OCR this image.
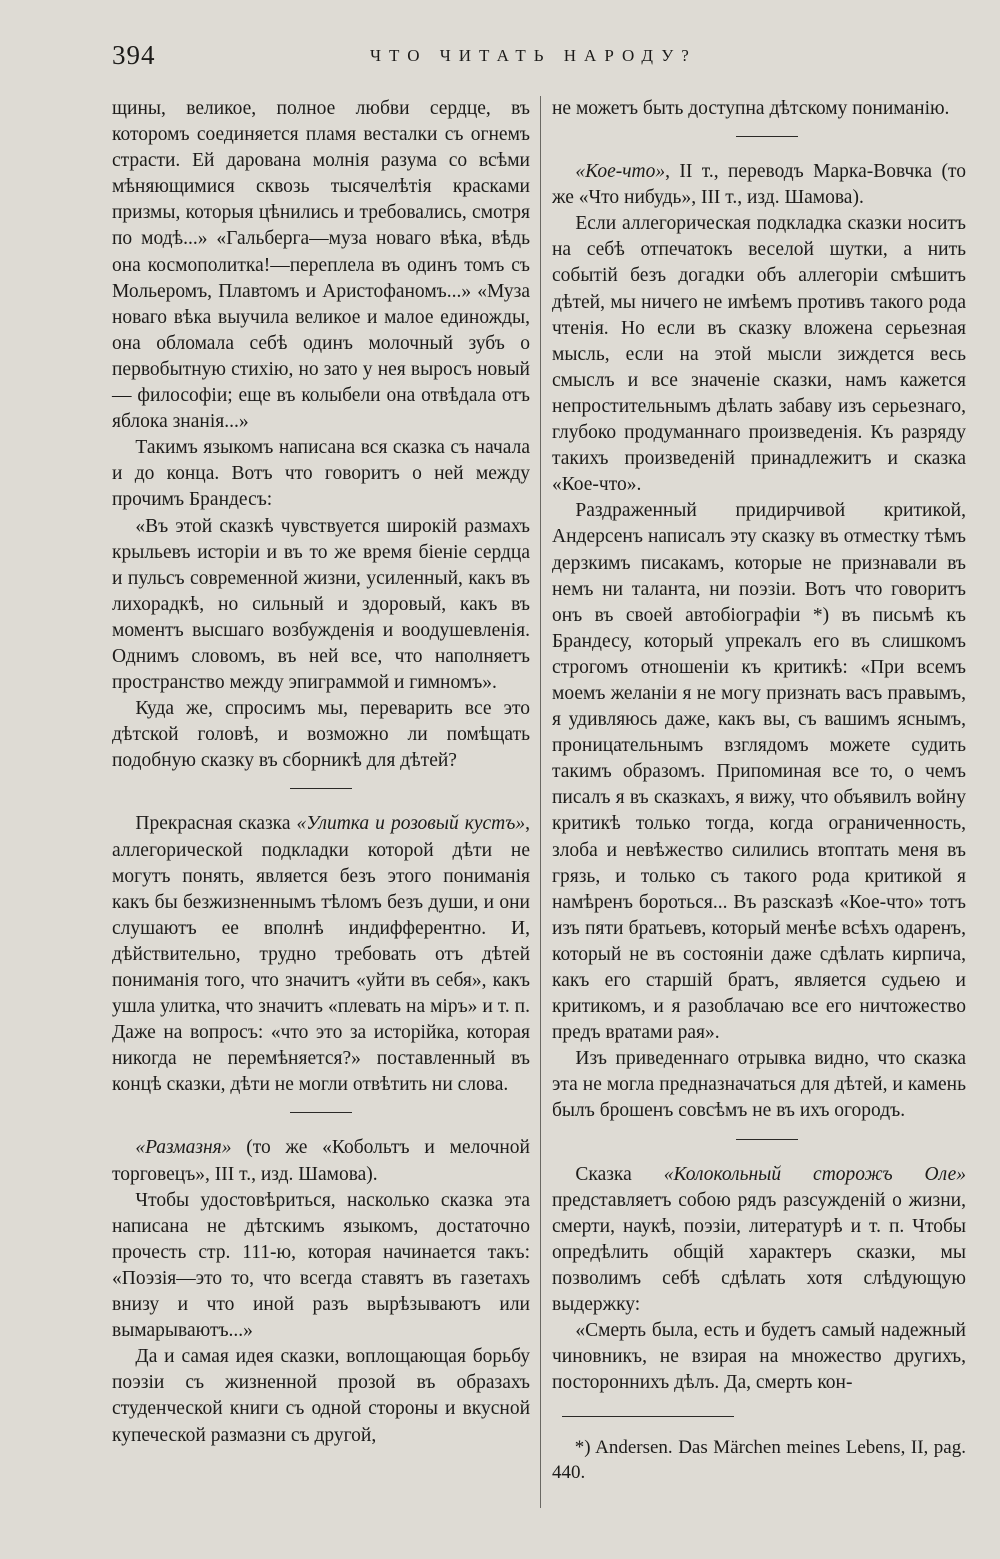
394	ЧТО ЧИТАТЬ НАРОДУ?

щины, великое, полное любви сердце, въ которомъ соединяется пламя весталки съ огнемъ страсти. Ей дарована молнія разума со всѣми мѣняющимися сквозь тысячелѣтія красками призмы, которыя цѣнились и требовались, смотря по модѣ...» «Гальберга—муза новаго вѣка, вѣдь она космополитка!—переплела въ одинъ томъ съ Мольеромъ, Плавтомъ и Аристофаномъ...» «Муза новаго вѣка выучила великое и малое единожды, она обломала себѣ одинъ молочный зубъ о первобытную стихію, но зато у нея выросъ новый — философіи; еще въ колыбели она отвѣдала отъ яблока знанія...»

Такимъ языкомъ написана вся сказка съ начала и до конца. Вотъ что говоритъ о ней между прочимъ Брандесъ:

«Въ этой сказкѣ чувствуется широкій размахъ крыльевъ исторіи и въ то же время біеніе сердца и пульсъ современной жизни, усиленный, какъ въ лихорадкѣ, но сильный и здоровый, какъ въ моментъ высшаго возбужденія и воодушевленія. Однимъ словомъ, въ ней все, что наполняетъ пространство между эпиграммой и гимномъ».

Куда же, спросимъ мы, переварить все это дѣтской головѣ, и возможно ли помѣщать подобную сказку въ сборникѣ для дѣтей?

Прекрасная сказка «Улитка и розовый кустъ», аллегорической подкладки которой дѣти не могутъ понять, является безъ этого пониманія какъ бы безжизненнымъ тѣломъ безъ души, и они слушаютъ ее вполнѣ индифферентно. И, дѣйствительно, трудно требовать отъ дѣтей пониманія того, что значитъ «уйти въ себя», какъ ушла улитка, что значитъ «плевать на міръ» и т. п. Даже на вопросъ: «что это за исторійка, которая никогда не перемѣняется?» поставленный въ концѣ сказки, дѣти не могли отвѣтить ни слова.

«Размазня» (то же «Кобольтъ и мелочной торговецъ», III т., изд. Шамова).

Чтобы удостовѣриться, насколько сказка эта написана не дѣтскимъ языкомъ, достаточно прочесть стр. 111-ю, которая начинается такъ: «Поэзія—это то, что всегда ставятъ въ газетахъ внизу и что иной разъ вырѣзываютъ или вымарываютъ...»

Да и самая идея сказки, воплощающая борьбу поэзіи съ жизненной прозой въ образахъ студенческой книги съ одной стороны и вкусной купеческой размазни съ другой,

не можетъ быть доступна дѣтскому пониманію.

«Кое-что», II т., переводъ Марка-Вовчка (то же «Что нибудь», III т., изд. Шамова).

Если аллегорическая подкладка сказки носитъ на себѣ отпечатокъ веселой шутки, а нить событій безъ догадки объ аллегоріи смѣшитъ дѣтей, мы ничего не имѣемъ противъ такого рода чтенія. Но если въ сказку вложена серьезная мысль, если на этой мысли зиждется весь смыслъ и все значеніе сказки, намъ кажется непростительнымъ дѣлать забаву изъ серьезнаго, глубоко продуманнаго произведенія. Къ разряду такихъ произведеній принадлежитъ и сказка «Кое-что».

Раздраженный придирчивой критикой, Андерсенъ написалъ эту сказку въ отместку тѣмъ дерзкимъ писакамъ, которые не признавали въ немъ ни таланта, ни поэзіи. Вотъ что говоритъ онъ въ своей автобіографіи *) въ письмѣ къ Брандесу, который упрекалъ его въ слишкомъ строгомъ отношеніи къ критикѣ: «При всемъ моемъ желаніи я не могу признать васъ правымъ, я удивляюсь даже, какъ вы, съ вашимъ яснымъ, проницательнымъ взглядомъ можете судить такимъ образомъ. Припоминая все то, о чемъ писалъ я въ сказкахъ, я вижу, что объявилъ войну критикѣ только тогда, когда ограниченность, злоба и невѣжество силились втоптать меня въ грязь, и только съ такого рода критикой я намѣренъ бороться... Въ разсказѣ «Кое-что» тотъ изъ пяти братьевъ, который менѣе всѣхъ одаренъ, который не въ состояніи даже сдѣлать кирпича, какъ его старшій братъ, является судьею и критикомъ, и я разоблачаю все его ничтожество предъ вратами рая».

Изъ приведеннаго отрывка видно, что сказка эта не могла предназначаться для дѣтей, и камень былъ брошенъ совсѣмъ не въ ихъ огородъ.

Сказка «Колокольный сторожъ Оле» представляетъ собою рядъ разсужденій о жизни, смерти, наукѣ, поэзіи, литературѣ и т. п. Чтобы опредѣлить общій характеръ сказки, мы позволимъ себѣ сдѣлать хотя слѣдующую выдержку:

«Смерть была, есть и будетъ самый надежный чиновникъ, не взирая на множество другихъ, постороннихъ дѣлъ. Да, смерть кон-

*) Andersen. Das Märchen meines Lebens, II, pag. 440.
